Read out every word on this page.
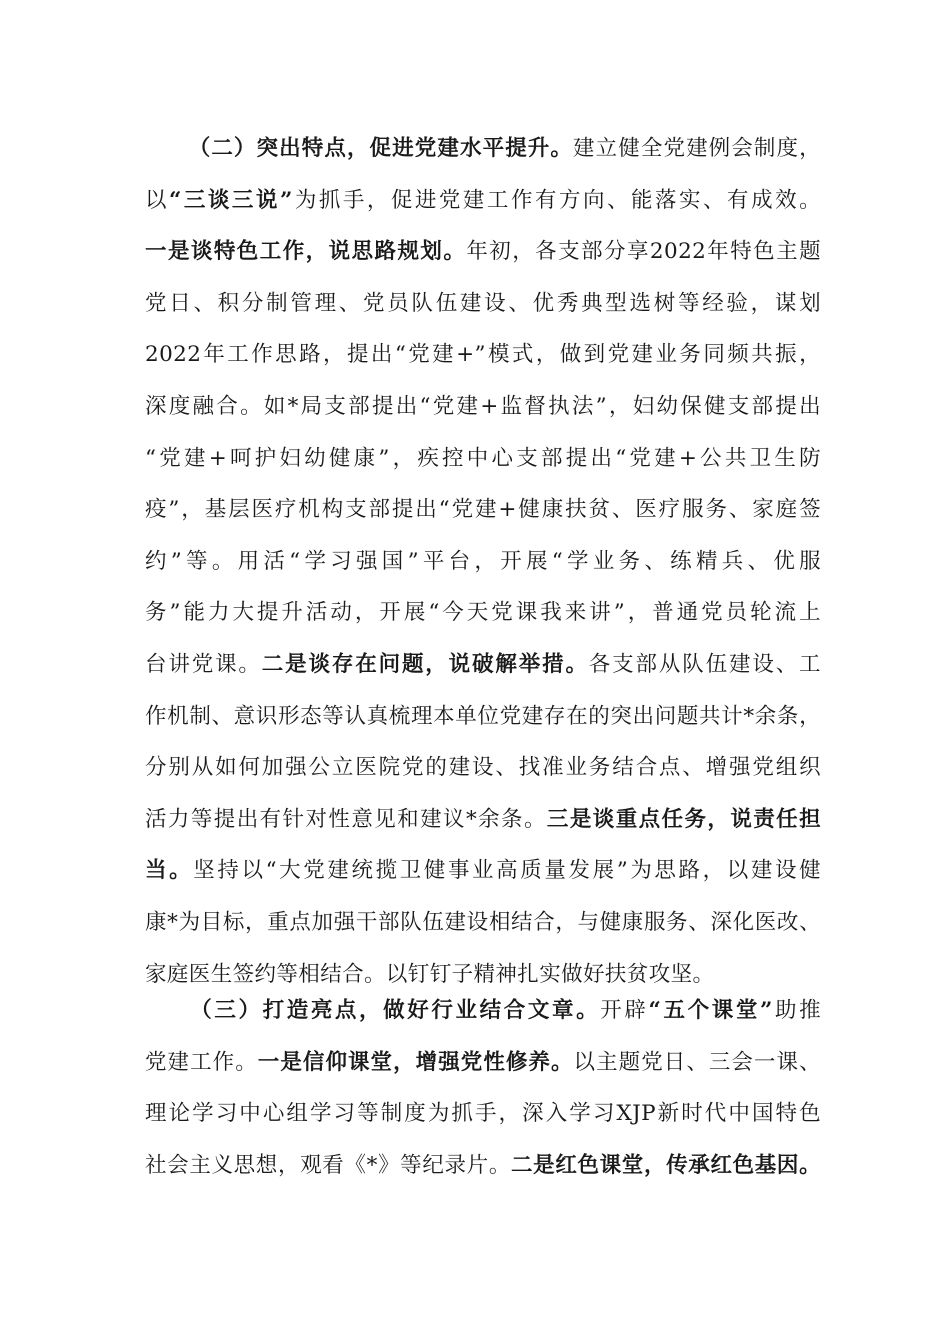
（二）突出特点，促进党建水平提升。建立健全党建例会制度，
以“三谈三说”为抓手，促进党建工作有方向、能落实、有成效。
一是谈特色工作，说思路规划。年初，各支部分享2022年特色主题
党日、积分制管理、党员队伍建设、优秀典型选树等经验，谋划
2022年工作思路，提出“党建+”模式，做到党建业务同频共振，
深度融合。如*局支部提出“党建+监督执法”，妇幼保健支部提出
“党建+呵护妇幼健康”，疾控中心支部提出“党建+公共卫生防
疫”，基层医疗机构支部提出“党建+健康扶贫、医疗服务、家庭签
约”等。用活“学习强国”平台，开展“学业务、练精兵、优服
务”能力大提升活动，开展“今天党课我来讲”，普通党员轮流上
台讲党课。二是谈存在问题，说破解举措。各支部从队伍建设、工
作机制、意识形态等认真梳理本单位党建存在的突出问题共计*余条，
分别从如何加强公立医院党的建设、找准业务结合点、增强党组织
活力等提出有针对性意见和建议*余条。三是谈重点任务，说责任担
当。坚持以“大党建统揽卫健事业高质量发展”为思路，以建设健
康*为目标，重点加强干部队伍建设相结合，与健康服务、深化医改、
家庭医生签约等相结合。以钉钉子精神扎实做好扶贫攻坚。
（三）打造亮点，做好行业结合文章。开辟“五个课堂”助推
党建工作。一是信仰课堂，增强党性修养。以主题党日、三会一课、
理论学习中心组学习等制度为抓手，深入学习XJP新时代中国特色
社会主义思想，观看《*》等纪录片。二是红色课堂，传承红色基因。
